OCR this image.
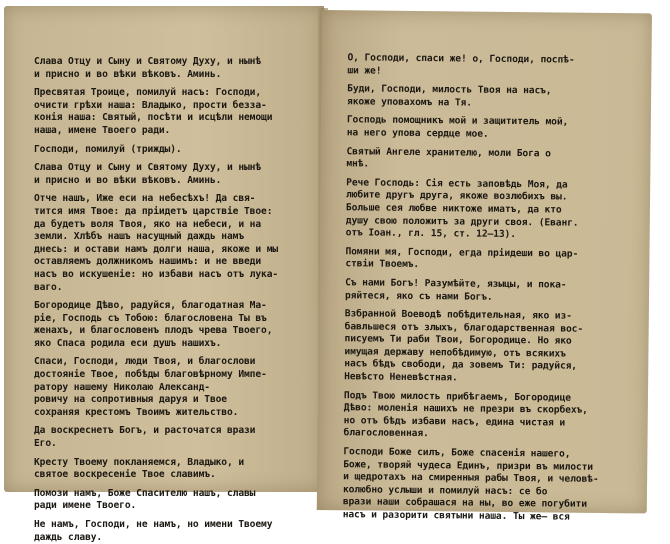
Слава Отцу и Сыну и Святому Духу, и нынѣ
и присно и во вѣки вѣковъ. Аминь.
Пресвятая Троице, помилуй насъ: Господи,
очисти грѣхи наша: Владыко, прости безза-
конія наша: Святый, посѣти и исцѣли немощи
наша, имене Твоего ради.
Господи, помилуй (трижды).
Слава Отцу и Сыну и Святому Духу, и нынѣ
и присно и во вѣки вѣковъ. Аминь.
Отче нашъ, Иже еси на небесѣхъ! Да свя-
тится имя Твое: да пріидетъ царствіе Твое:
да будетъ воля Твоя, яко на небеси, и на
земли. Хлѣбъ нашъ насущный даждь намъ
днесь: и остави намъ долги наша, якоже и мы
оставляемъ должникомъ нашимъ: и не введи
насъ во искушеніе: но избави насъ отъ лука-
ваго.
Богородице Дѣво, радуйся, благодатная Ма-
ріе, Господь съ Тобою: благословена Ты въ
женахъ, и благословенъ плодъ чрева Твоего,
яко Спаса родила еси душъ нашихъ.
Спаси, Господи, люди Твоя, и благослови
достояніе Твое, побѣды благовѣрному Импе-
ратору нашему Николаю Александ-
ровичу на сопротивныя даруя и Твое
сохраняя крестомъ Твоимъ жительство.
Да воскреснетъ Богъ, и расточатся врази
Его.
Кресту Твоему покланяемся, Владыко, и
святое воскресеніе Твое славимъ.
Помози намъ, Боже Спасителю нашъ, славы
ради имене Твоего.
Не намъ, Господи, не намъ, но имени Твоему
даждь славу.
О, Господи, спаси же! о, Господи, поспѣ-
ши же!
Буди, Господи, милость Твоя на насъ,
якоже уповахомъ на Тя.
Господь помощникъ мой и защититель мой,
на него упова сердце мое.
Святый Ангеле хранителю, моли Бога о
мнѣ.
Рече Господь: Сія есть заповѣдь Моя, да
любите другъ друга, якоже возлюбихъ вы.
Больше сея любве никтоже иматъ, да кто
душу свою положитъ за други своя. (Еванг.
отъ Іоан., гл. 15, ст. 12—13).
Помяни мя, Господи, егда пріидеши во цар-
ствіи Твоемъ.
Съ нами Богъ! Разумѣйте, языцы, и пока-
ряйтеся, яко съ нами Богъ.
Взбранной Воеводѣ побѣдительная, яко из-
бавльшеся отъ злыхъ, благодарственная вос-
писуемъ Ти раби Твои, Богородице. Но яко
имущая державу непобѣдимую, отъ всякихъ
насъ бѣдъ свободи, да зовемъ Ти: радуйся,
Невѣсто Неневѣстная.
Подъ Твою милость прибѣгаемъ, Богородице
Дѣво: моленія нашихъ не презри въ скорбехъ,
но отъ бѣдъ избави насъ, едина чистая и
благословенная.
Господи Боже силъ, Боже спасенія нашего,
Боже, творяй чудеса Единъ, призри въ милости
и щедротахъ на смиренныя рабы Твоя, и человѣ-
колюбно услыши и помилуй насъ: се бо
врази наши собрашася на ны, во еже погубити
насъ и разорити святыни наша. Ты же— вся
